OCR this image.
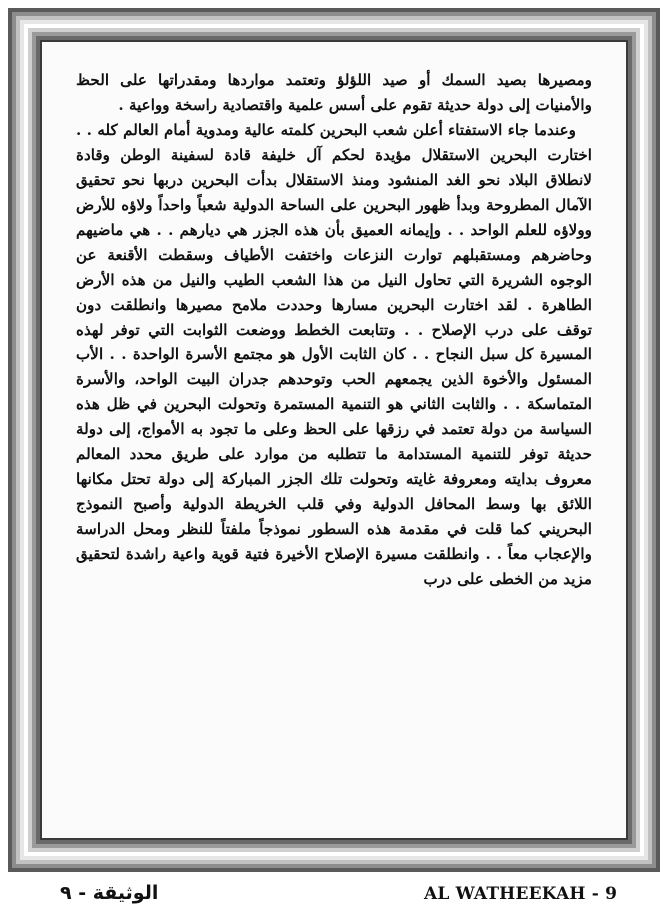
ومصيرها بصيد السمك أو صيد اللؤلؤ وتعتمد مواردها ومقدراتها على الحظ والأمنيات إلى دولة حديثة تقوم على أسس علمية واقتصادية راسخة وواعية .

وعندما جاء الاستفتاء أعلن شعب البحرين كلمته عالية ومدوية أمام العالم كله . . اختارت البحرين الاستقلال مؤيدة لحكم آل خليفة قادة لسفينة الوطن وقادة لانطلاق البلاد نحو الغد المنشود ومنذ الاستقلال بدأت البحرين دربها نحو تحقيق الآمال المطروحة وبدأ ظهور البحرين على الساحة الدولية شعباً واحداً ولاؤه للأرض وولاؤه للعلم الواحد . . وإيمانه العميق بأن هذه الجزر هي ديارهم . . هي ماضيهم وحاضرهم ومستقبلهم توارت النزعات واختفت الأطياف وسقطت الأقنعة عن الوجوه الشريرة التي تحاول النيل من هذا الشعب الطيب والنيل من هذه الأرض الطاهرة . لقد اختارت البحرين مسارها وحددت ملامح مصيرها وانطلقت دون توقف على درب الإصلاح . . وتتابعت الخطط ووضعت الثوابت التي توفر لهذه المسيرة كل سبل النجاح . . كان الثابت الأول هو مجتمع الأسرة الواحدة . . الأب المسئول والأخوة الذين يجمعهم الحب وتوحدهم جدران البيت الواحد، والأسرة المتماسكة . . والثابت الثاني هو التنمية المستمرة وتحولت البحرين في ظل هذه السياسة من دولة تعتمد في رزقها على الحظ وعلى ما تجود به الأمواج، إلى دولة حديثة توفر للتنمية المستدامة ما تتطلبه من موارد على طريق محدد المعالم معروف بدايته ومعروفة غايته وتحولت تلك الجزر المباركة إلى دولة تحتل مكانها اللائق بها وسط المحافل الدولية وفي قلب الخريطة الدولية وأصبح النموذج البحريني كما قلت في مقدمة هذه السطور نموذجاً ملفتاً للنظر ومحل الدراسة والإعجاب معاً . . وانطلقت مسيرة الإصلاح الأخيرة فتية قوية واعية راشدة لتحقيق مزيد من الخطى على درب

الوثيقة - ٩	AL WATHEEKAH - 9
